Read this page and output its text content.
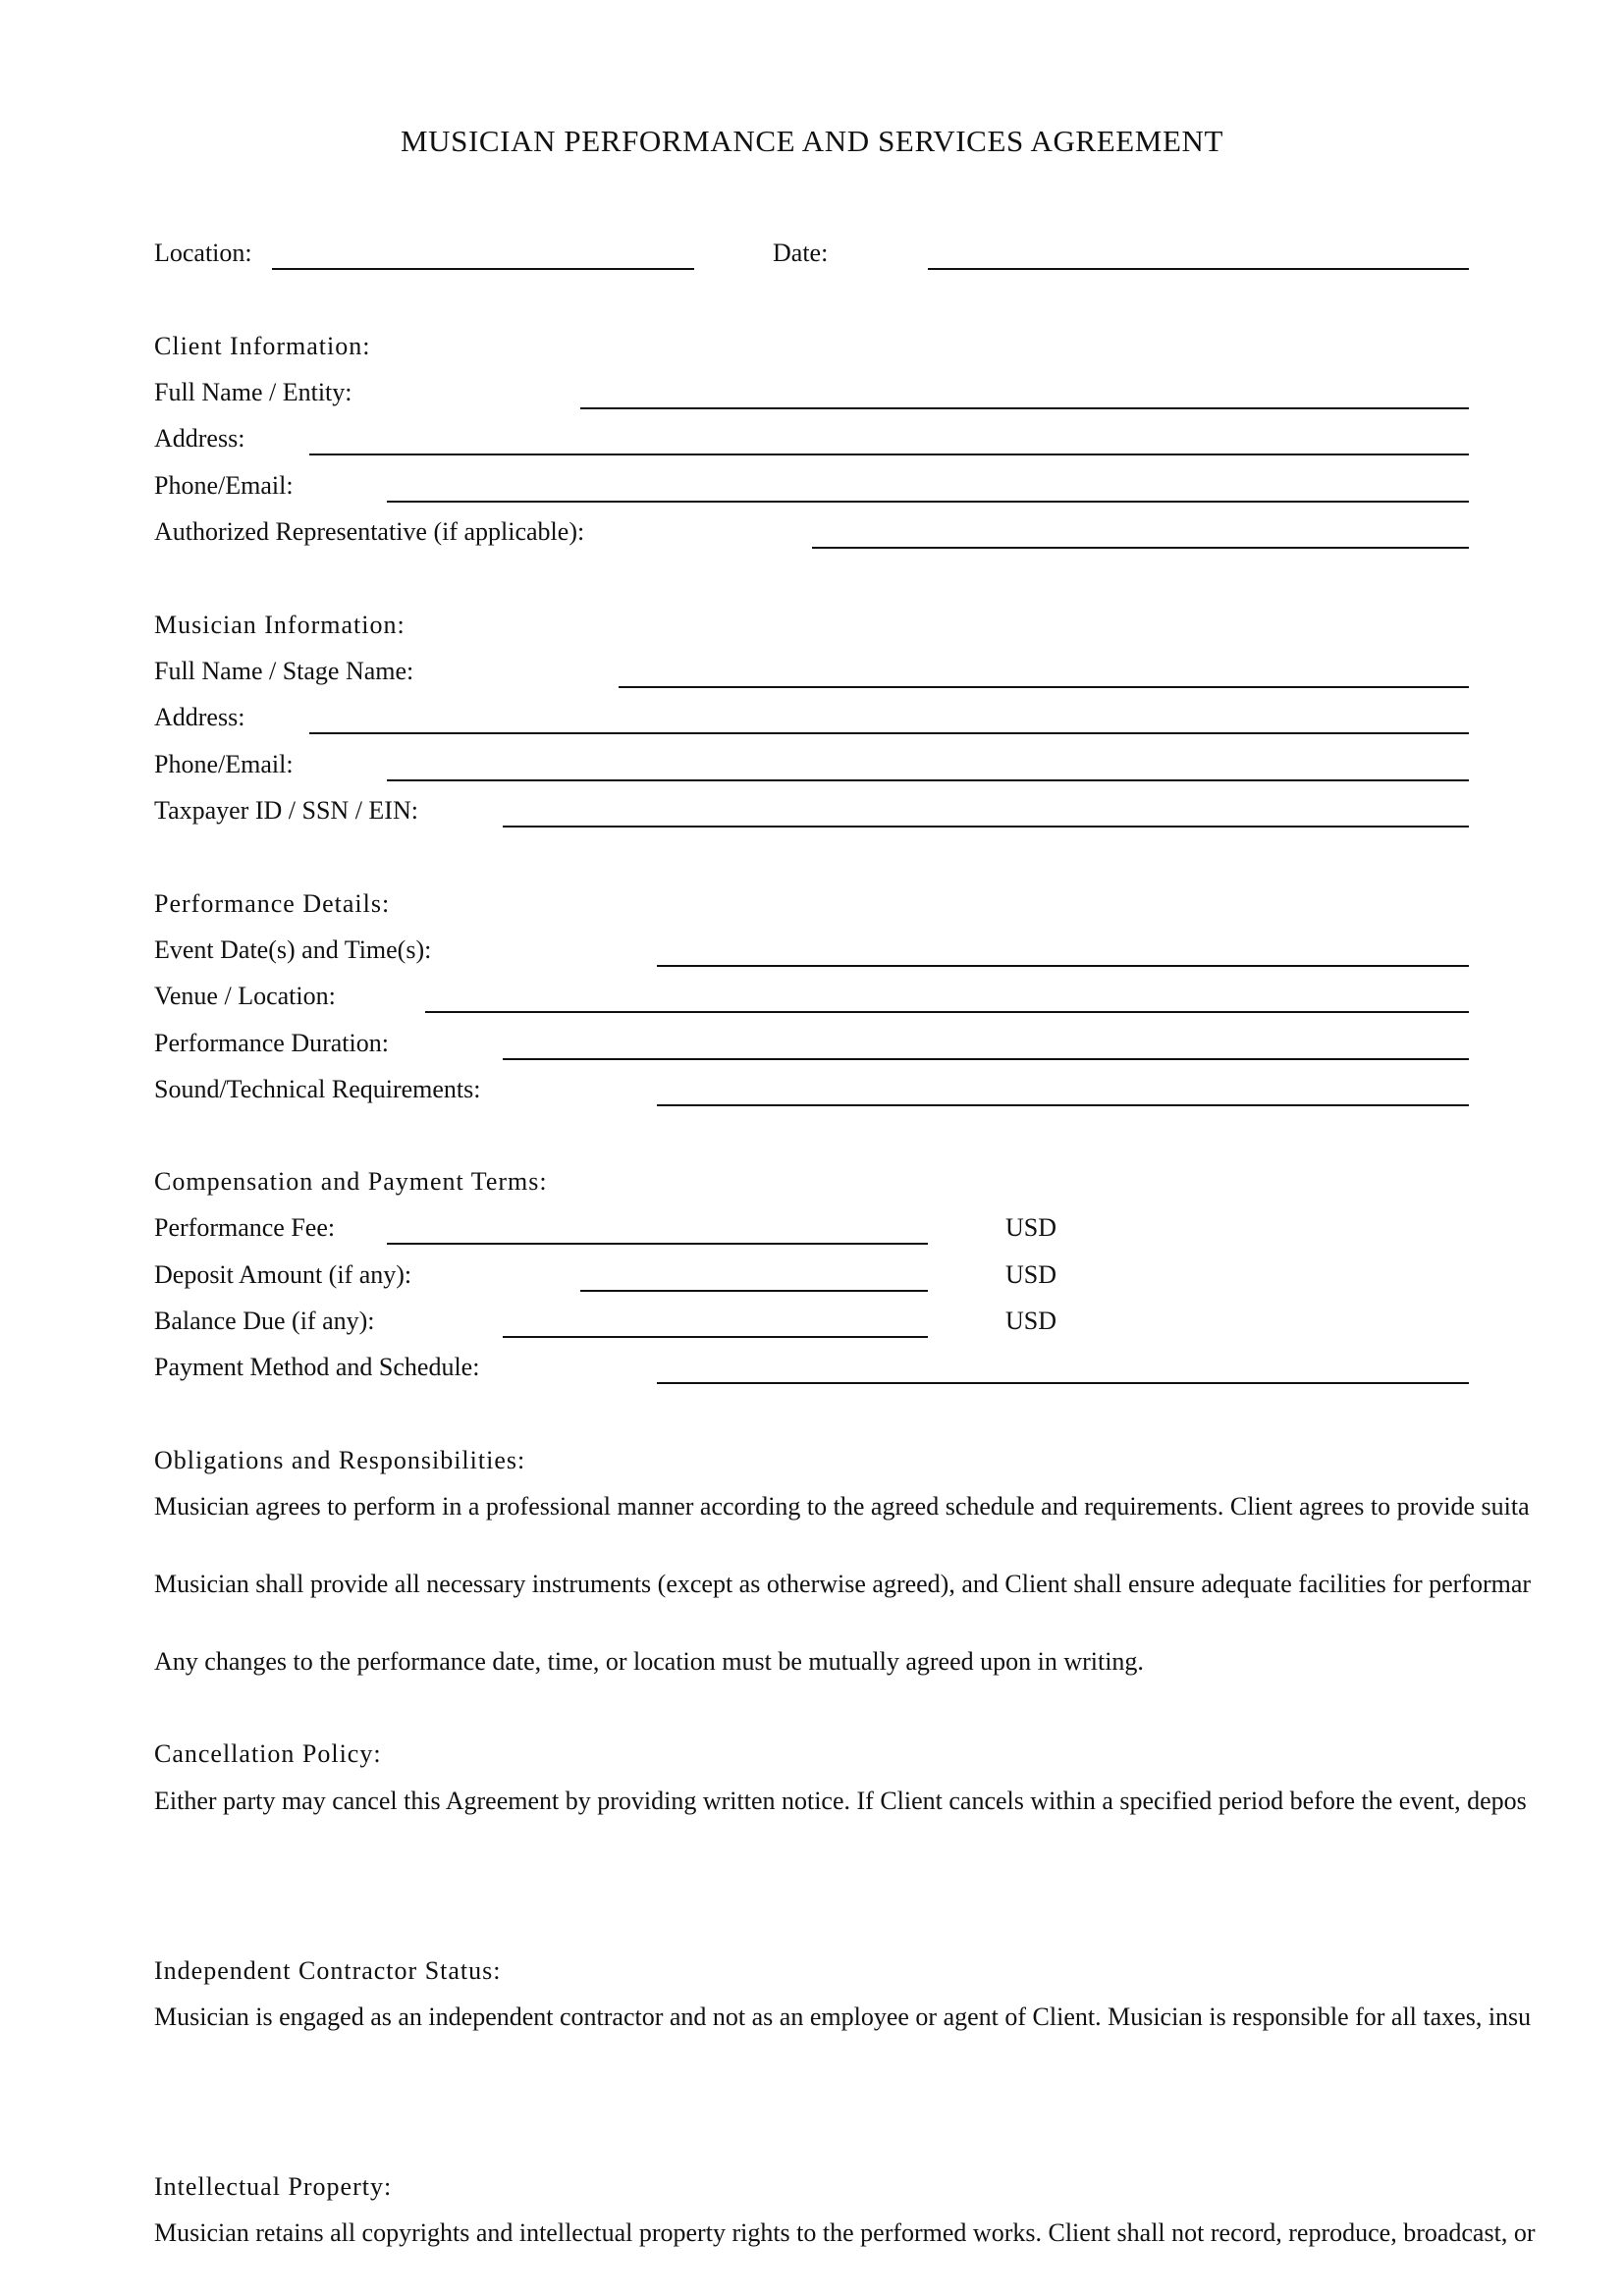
MUSICIAN PERFORMANCE AND SERVICES AGREEMENT
Location:	Date:
Client Information:
Full Name / Entity:
Address:
Phone/Email:
Authorized Representative (if applicable):
Musician Information:
Full Name / Stage Name:
Address:
Phone/Email:
Taxpayer ID / SSN / EIN:
Performance Details:
Event Date(s) and Time(s):
Venue / Location:
Performance Duration:
Sound/Technical Requirements:
Compensation and Payment Terms:
Performance Fee:	USD
Deposit Amount (if any):	USD
Balance Due (if any):	USD
Payment Method and Schedule:
Obligations and Responsibilities:
Musician agrees to perform in a professional manner according to the agreed schedule and requirements. Client agrees to provide suita
Musician shall provide all necessary instruments (except as otherwise agreed), and Client shall ensure adequate facilities for performar
Any changes to the performance date, time, or location must be mutually agreed upon in writing.
Cancellation Policy:
Either party may cancel this Agreement by providing written notice. If Client cancels within a specified period before the event, depos
Independent Contractor Status:
Musician is engaged as an independent contractor and not as an employee or agent of Client. Musician is responsible for all taxes, insu
Intellectual Property:
Musician retains all copyrights and intellectual property rights to the performed works. Client shall not record, reproduce, broadcast, or
